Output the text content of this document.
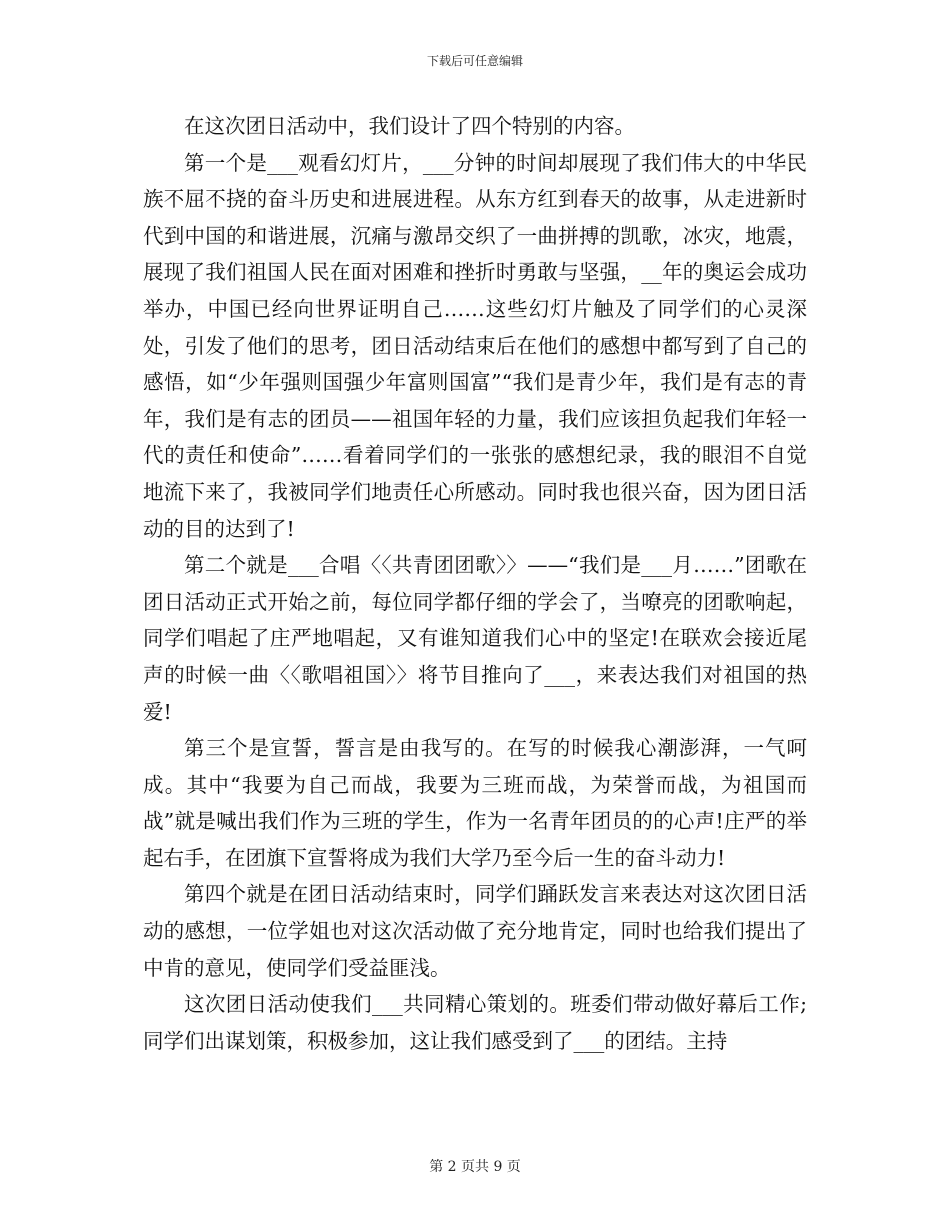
下载后可任意编辑

在这次团日活动中，我们设计了四个特别的内容。

第一个是___观看幻灯片，___分钟的时间却展现了我们伟大的中华民族不屈不挠的奋斗历史和进展进程。从东方红到春天的故事，从走进新时代到中国的和谐进展，沉痛与激昂交织了一曲拼搏的凯歌，冰灾，地震，展现了我们祖国人民在面对困难和挫折时勇敢与坚强，__年的奥运会成功举办，中国已经向世界证明自己……这些幻灯片触及了同学们的心灵深处，引发了他们的思考，团日活动结束后在他们的感想中都写到了自己的感悟，如“少年强则国强少年富则国富”“我们是青少年，我们是有志的青年，我们是有志的团员——祖国年轻的力量，我们应该担负起我们年轻一代的责任和使命”……看着同学们的一张张的感想纪录，我的眼泪不自觉地流下来了，我被同学们地责任心所感动。同时我也很兴奋，因为团日活动的目的达到了!

第二个就是___合唱〈〈共青团团歌〉〉——“我们是___月……”团歌在团日活动正式开始之前，每位同学都仔细的学会了，当嘹亮的团歌响起，同学们唱起了庄严地唱起，又有谁知道我们心中的坚定!在联欢会接近尾声的时候一曲〈〈歌唱祖国〉〉将节目推向了___，来表达我们对祖国的热爱!

第三个是宣誓，誓言是由我写的。在写的时候我心潮澎湃，一气呵成。其中“我要为自己而战，我要为三班而战，为荣誉而战，为祖国而战”就是喊出我们作为三班的学生，作为一名青年团员的的心声!庄严的举起右手，在团旗下宣誓将成为我们大学乃至今后一生的奋斗动力!

第四个就是在团日活动结束时，同学们踊跃发言来表达对这次团日活动的感想，一位学姐也对这次活动做了充分地肯定，同时也给我们提出了中肯的意见，使同学们受益匪浅。

这次团日活动使我们___共同精心策划的。班委们带动做好幕后工作;同学们出谋划策，积极参加，这让我们感受到了___的团结。主持

第 2 页共 9 页
